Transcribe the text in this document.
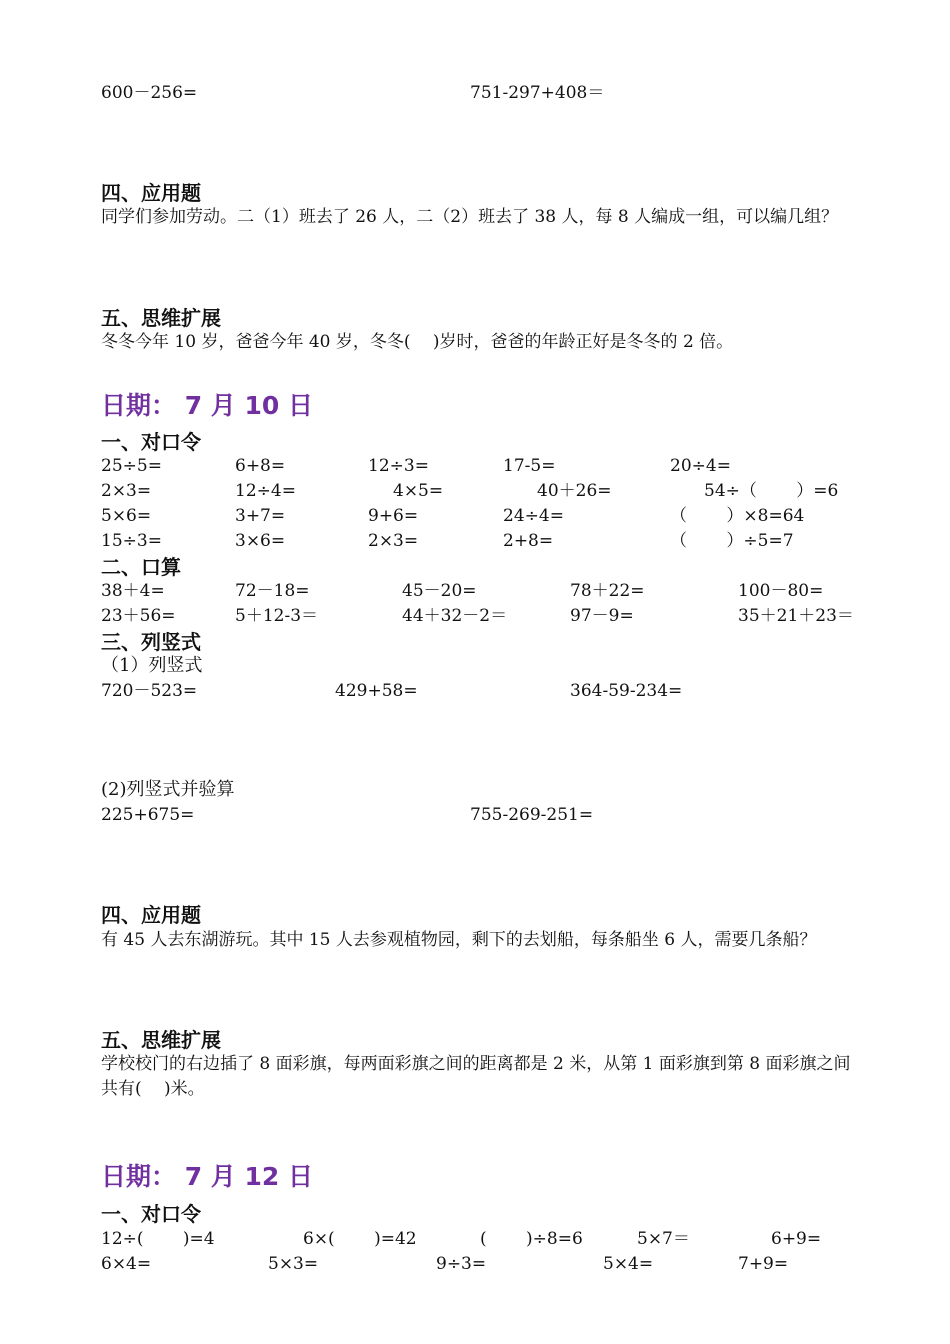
600－256=	751-297+408＝
四、应用题
同学们参加劳动。二（1）班去了 26 人，二（2）班去了 38 人，每 8 人编成一组，可以编几组？
五、思维扩展
冬冬今年 10 岁，爸爸今年 40 岁，冬冬(　 )岁时，爸爸的年龄正好是冬冬的 2 倍。
日期： 7 月 10 日
一、对口令
25÷5=	6+8=	12÷3=	17-5=	20÷4=
2×3=	12÷4=	4×5=	40＋26=	54÷（　　 ）=6
5×6=	3+7=	9+6=	24÷4=	（　　 ）×8=64
15÷3=	3×6=	2×3=	2+8=	（　　 ）÷5=7
二、口算
38＋4=	72－18=	45－20=	78＋22=	100－80=
23＋56=	5＋12-3＝	44＋32－2＝	97－9=	35＋21＋23＝
三、列竖式
（1）列竖式
720－523=	429+58=	364-59-234=
(2)列竖式并验算
225+675=	755-269-251=
四、应用题
有 45 人去东湖游玩。其中 15 人去参观植物园，剩下的去划船，每条船坐 6 人，需要几条船？
五、思维扩展
学校校门的右边插了 8 面彩旗，每两面彩旗之间的距离都是 2 米，从第 1 面彩旗到第 8 面彩旗之间
共有(　 )米。
日期： 7 月 12 日
一、对口令
12÷(　　 )=4	6×(　　 )=42	(　　 )÷8=6	5×7＝	6+9=
6×4=	5×3=	9÷3=	5×4=	7+9=
